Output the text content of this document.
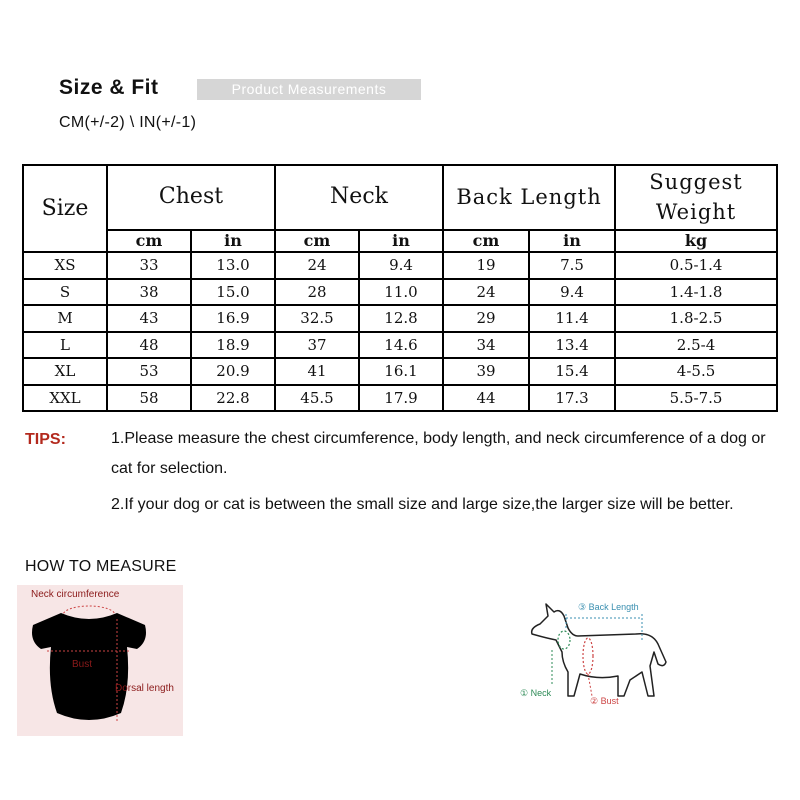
Size & Fit	Product Measurements
CM(+/-2) \ IN(+/-1)
Size	Chest		Neck		Back Length		Suggest Weight
	cm	in	cm	in	cm	in	kg
XS	33	13.0	24	9.4	19	7.5	0.5-1.4
S	38	15.0	28	11.0	24	9.4	1.4-1.8
M	43	16.9	32.5	12.8	29	11.4	1.8-2.5
L	48	18.9	37	14.6	34	13.4	2.5-4
XL	53	20.9	41	16.1	39	15.4	4-5.5
XXL	58	22.8	45.5	17.9	44	17.3	5.5-7.5
TIPS:	1.Please measure the chest circumference, body length, and neck circumference of a dog or cat for selection.
2.If your dog or cat is between the small size and large size,the larger size will be better.
HOW TO MEASURE
Neck circumference
Bust
Dorsal length
③ Back Length
① Neck
② Bust
